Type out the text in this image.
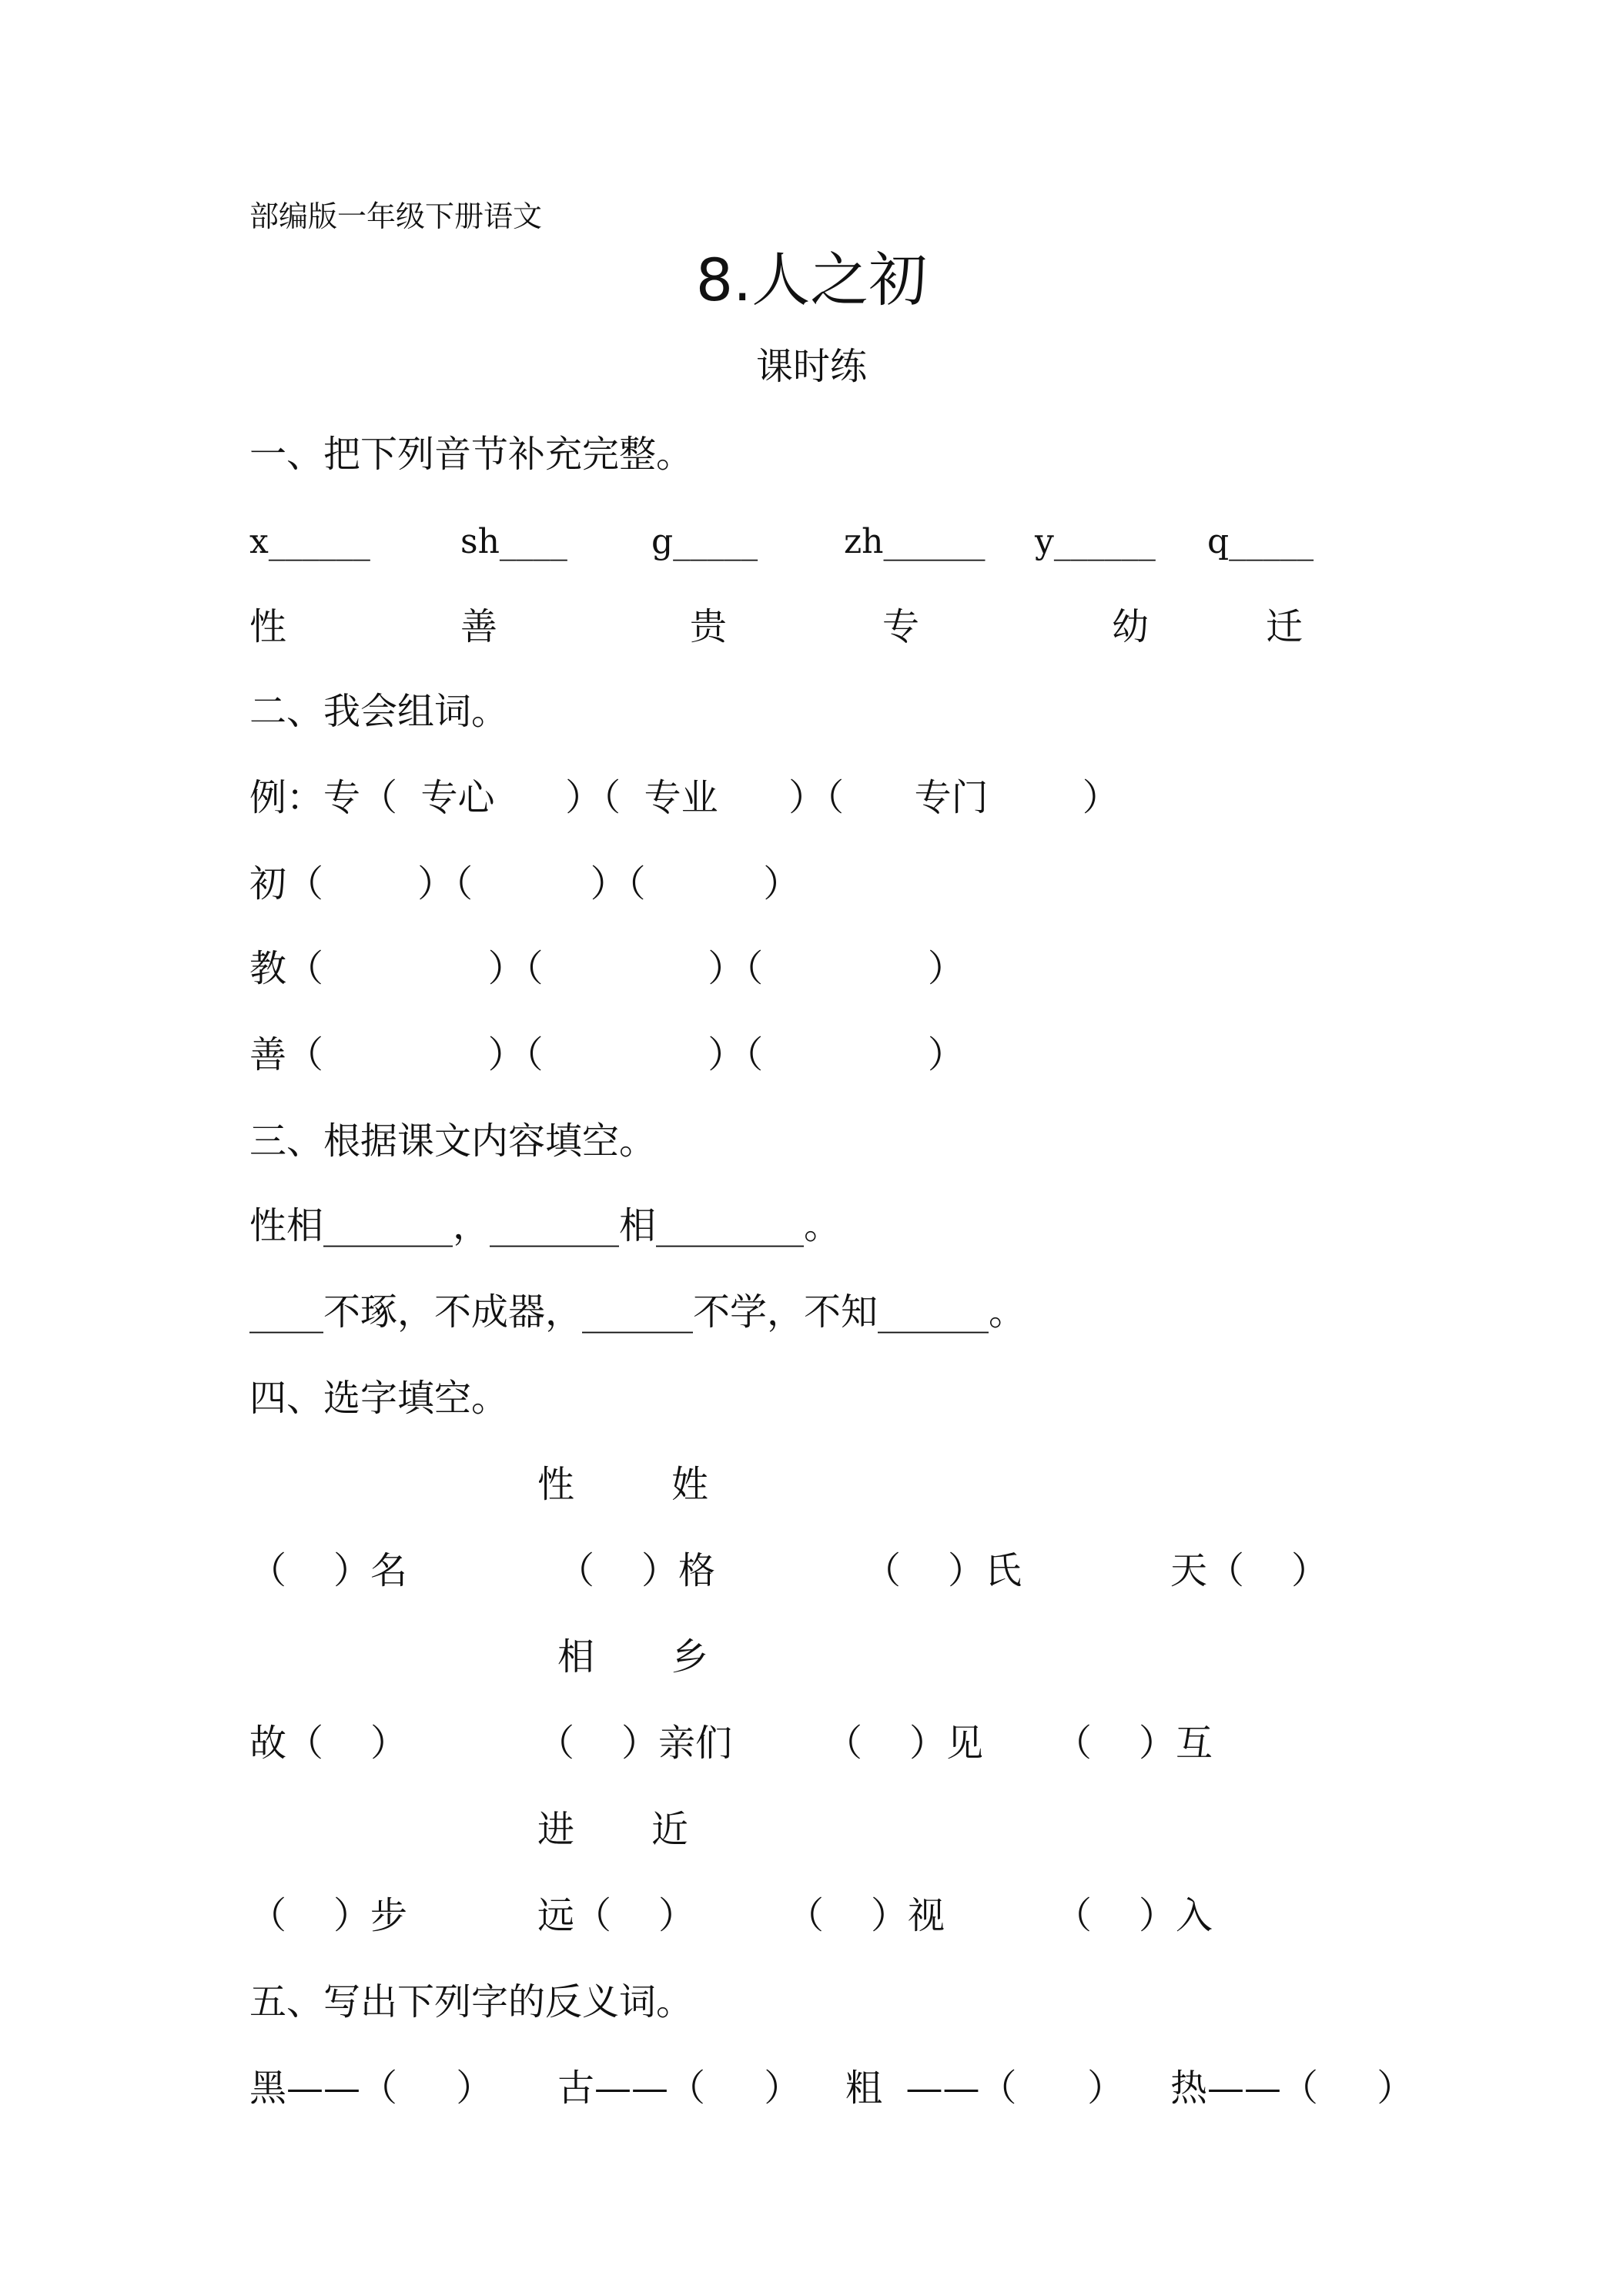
部编版一年级下册语文
8.人之初
课时练
一、把下列音节补充完整。
x______	sh____ g_____	zh______ y______ q_____
性	善	贵	专	幼	迁
二、我会组词。
例：专（  专心      ）（  专业      ）（      专门        ）
初（        ）（          ）（          ）
教（              ）（              ）（              ）
善（              ）（              ）（              ）
三、根据课文内容填空。
性相_______，_______相________。
____不琢，不成器，______不学，不知______。
四、选字填空。
性	姓
（    ）名	（    ）格	（    ）氏	天（    ）
相 乡
故（    ）	（    ）亲们	（    ）见 （    ）互
进 近
（    ）步	远（    ） （    ）视	（    ）入
五、写出下列字的反义词。
黑——（     ） 古——（     ） 粗  ——（      ） 热——（     ）
